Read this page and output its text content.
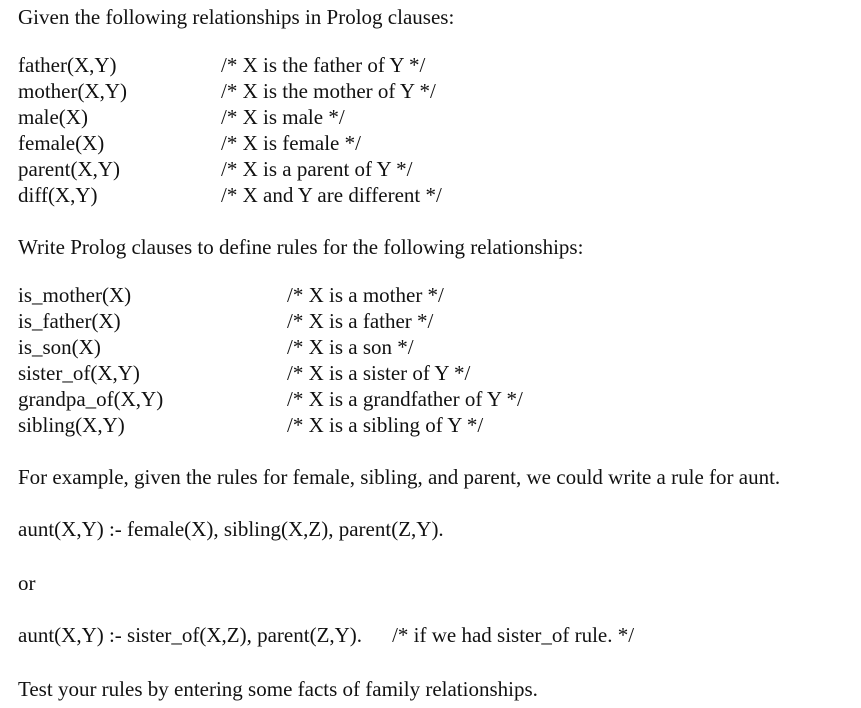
Given the following relationships in Prolog clauses:
father(X,Y)	/* X is the father of Y */
mother(X,Y)	/* X is the mother of Y */
male(X)	/* X is male */
female(X)	/* X is female */
parent(X,Y)	/* X is a parent of Y */
diff(X,Y)	/* X and Y are different */
Write Prolog clauses to define rules for the following relationships:
is_mother(X)	/* X is a mother */
is_father(X)	/* X is a father */
is_son(X)	/* X is a son */
sister_of(X,Y)	/* X is a sister of Y */
grandpa_of(X,Y)	/* X is a grandfather of Y */
sibling(X,Y)	/* X is a sibling of Y */
For example, given the rules for female, sibling, and parent, we could write a rule for aunt.
aunt(X,Y) :- female(X), sibling(X,Z), parent(Z,Y).
or
aunt(X,Y) :- sister_of(X,Z), parent(Z,Y). /* if we had sister_of rule. */
Test your rules by entering some facts of family relationships.
